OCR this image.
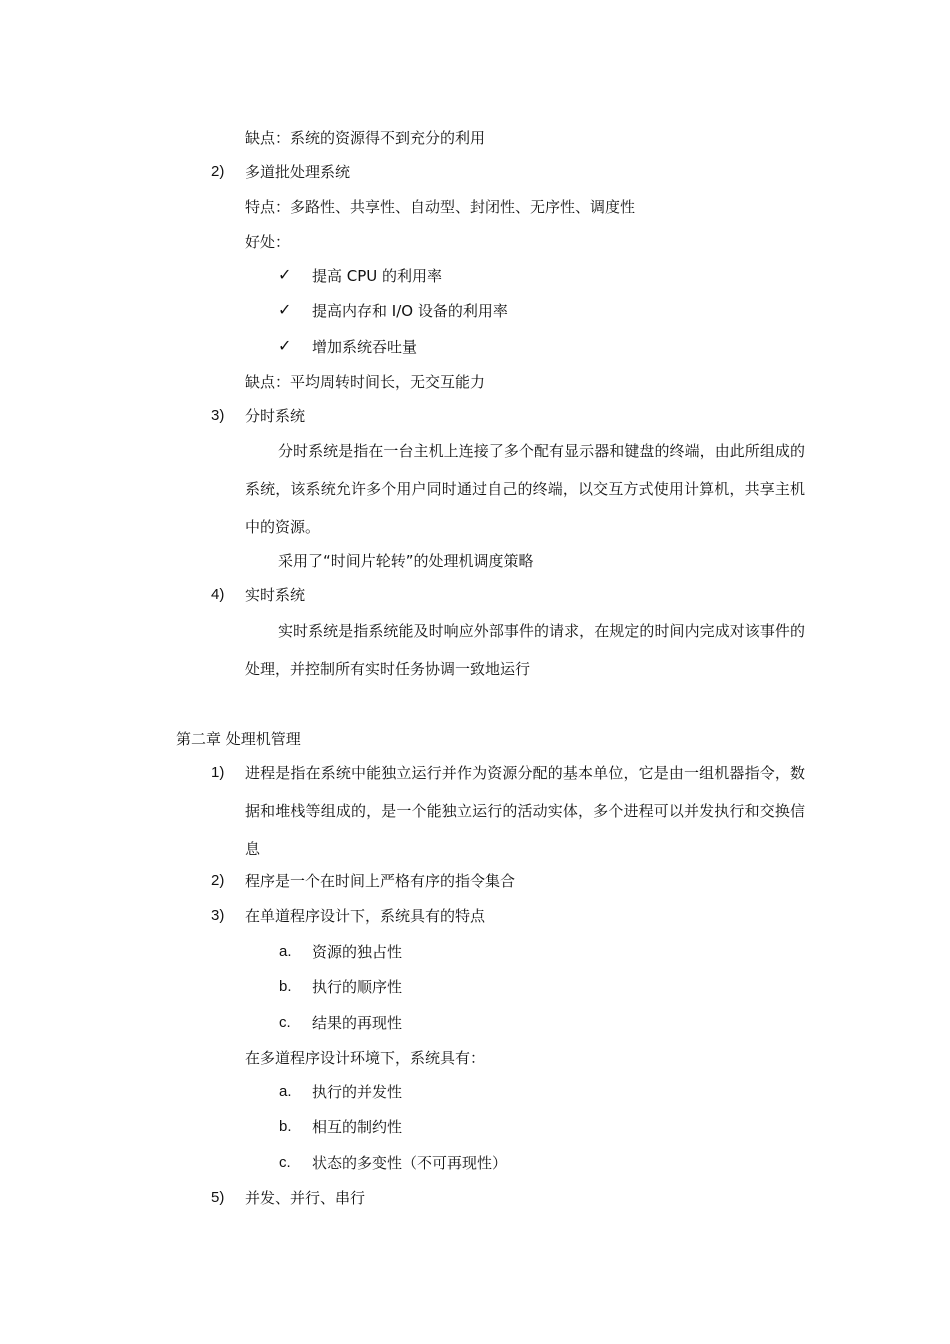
缺点：系统的资源得不到充分的利用
2) 多道批处理系统
特点：多路性、共享性、自动型、封闭性、无序性、调度性
好处：
✓ 提高 CPU 的利用率
✓ 提高内存和 I/O 设备的利用率
✓ 增加系统吞吐量
缺点：平均周转时间长，无交互能力
3) 分时系统
分时系统是指在一台主机上连接了多个配有显示器和键盘的终端，由此所组成的系统，该系统允许多个用户同时通过自己的终端，以交互方式使用计算机，共享主机中的资源。
采用了“时间片轮转”的处理机调度策略
4) 实时系统
实时系统是指系统能及时响应外部事件的请求，在规定的时间内完成对该事件的处理，并控制所有实时任务协调一致地运行
第二章 处理机管理
1) 进程是指在系统中能独立运行并作为资源分配的基本单位，它是由一组机器指令，数据和堆栈等组成的，是一个能独立运行的活动实体，多个进程可以并发执行和交换信息
2) 程序是一个在时间上严格有序的指令集合
3) 在单道程序设计下，系统具有的特点
a. 资源的独占性
b. 执行的顺序性
c. 结果的再现性
在多道程序设计环境下，系统具有：
a. 执行的并发性
b. 相互的制约性
c. 状态的多变性（不可再现性）
5) 并发、并行、串行
